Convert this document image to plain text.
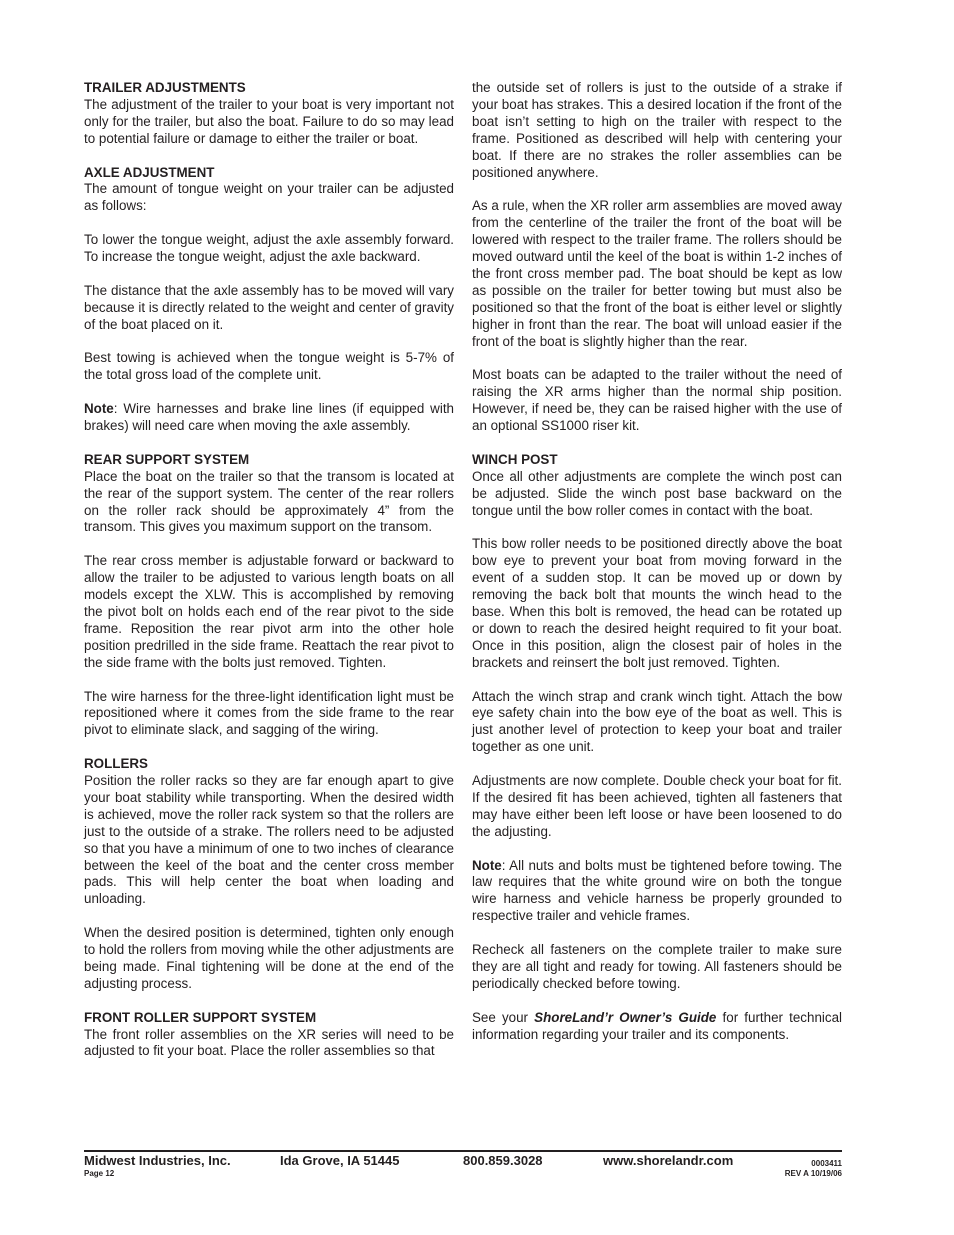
TRAILER ADJUSTMENTS

The adjustment of the trailer to your boat is very important not only for the trailer, but also the boat. Failure to do so may lead to potential failure or damage to either the trailer or boat.

AXLE ADJUSTMENT

The amount of tongue weight on your trailer can be adjusted as follows:

To lower the tongue weight, adjust the axle assembly forward. To increase the tongue weight, adjust the axle backward.

The distance that the axle assembly has to be moved will vary because it is directly related to the weight and center of gravity of the boat placed on it.

Best towing is achieved when the tongue weight is 5-7% of the total gross load of the complete unit.

Note: Wire harnesses and brake line lines (if equipped with brakes) will need care when moving the axle assembly.

REAR SUPPORT SYSTEM

Place the boat on the trailer so that the transom is located at the rear of the support system. The center of the rear rollers on the roller rack should be approximately 4” from the transom. This gives you maximum support on the transom.

The rear cross member is adjustable forward or backward to allow the trailer to be adjusted to various length boats on all models except the XLW. This is accomplished by removing the pivot bolt on holds each end of the rear pivot to the side frame. Reposition the rear pivot arm into the other hole position predrilled in the side frame. Reattach the rear pivot to the side frame with the bolts just removed. Tighten.

The wire harness for the three-light identification light must be repositioned where it comes from the side frame to the rear pivot to eliminate slack, and sagging of the wiring.

ROLLERS

Position the roller racks so they are far enough apart to give your boat stability while transporting. When the desired width is achieved, move the roller rack system so that the rollers are just to the outside of a strake. The rollers need to be adjusted so that you have a minimum of one to two inches of clearance between the keel of the boat and the center cross member pads. This will help center the boat when loading and unloading.

When the desired position is determined, tighten only enough to hold the rollers from moving while the other adjustments are being made. Final tightening will be done at the end of the adjusting process.

FRONT ROLLER SUPPORT SYSTEM

The front roller assemblies on the XR series will need to be adjusted to fit your boat. Place the roller assemblies so that

the outside set of rollers is just to the outside of a strake if your boat has strakes. This a desired location if the front of the boat isn’t setting to high on the trailer with respect to the frame. Positioned as described will help with centering your boat. If there are no strakes the roller assemblies can be positioned anywhere.

As a rule, when the XR roller arm assemblies are moved away from the centerline of the trailer the front of the boat will be lowered with respect to the trailer frame. The rollers should be moved outward until the keel of the boat is within 1-2 inches of the front cross member pad. The boat should be kept as low as possible on the trailer for better towing but must also be positioned so that the front of the boat is either level or slightly higher in front than the rear. The boat will unload easier if the front of the boat is slightly higher than the rear.

Most boats can be adapted to the trailer without the need of raising the XR arms higher than the normal ship position. However, if need be, they can be raised higher with the use of an optional SS1000 riser kit.

WINCH POST

Once all other adjustments are complete the winch post can be adjusted. Slide the winch post base backward on the tongue until the bow roller comes in contact with the boat.

This bow roller needs to be positioned directly above the boat bow eye to prevent your boat from moving forward in the event of a sudden stop. It can be moved up or down by removing the back bolt that mounts the winch head to the base. When this bolt is removed, the head can be rotated up or down to reach the desired height required to fit your boat. Once in this position, align the closest pair of holes in the brackets and reinsert the bolt just removed. Tighten.

Attach the winch strap and crank winch tight. Attach the bow eye safety chain into the bow eye of the boat as well. This is just another level of protection to keep your boat and trailer together as one unit.

Adjustments are now complete. Double check your boat for fit. If the desired fit has been achieved, tighten all fasteners that may have either been left loose or have been loosened to do the adjusting.

Note: All nuts and bolts must be tightened before towing. The law requires that the white ground wire on both the tongue wire harness and vehicle harness be properly grounded to respective trailer and vehicle frames.

Recheck all fasteners on the complete trailer to make sure they are all tight and ready for towing. All fasteners should be periodically checked before towing.

See your ShoreLand’r Owner’s Guide for further technical information regarding your trailer and its components.

Midwest Industries, Inc.	Ida Grove, IA 51445	800.859.3028	www.shorelandr.com
Page 12
0003411
REV A 10/19/06
